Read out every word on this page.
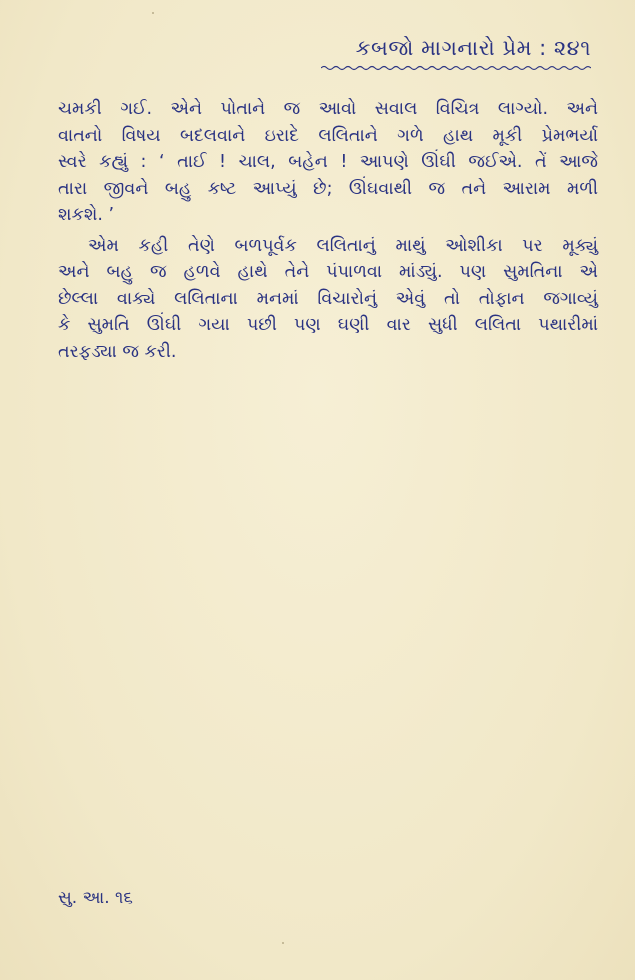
કબજો માગનારો પ્રેમ : ૨૪૧
ચમકી ગઈ. એને પોતાને જ આવો સવાલ વિચિત્ર લાગ્યો. અને
વાતનો વિષય બદલવાને ઇરાદે લલિતાને ગળે હાથ મૂકી પ્રેમભર્યા
સ્વરે કહ્યું : ‘ તાઈ ! ચાલ, બહેન ! આપણે ઊંઘી જઈએ. તેં આજે
તારા જીવને બહુ કષ્ટ આપ્યું છે; ઊંઘવાથી જ તને આરામ મળી
શકશે. ’
એમ કહી તેણે બળપૂર્વક લલિતાનું માથું ઓશીકા પર મૂક્યું
અને બહુ જ હળવે હાથે તેને પંપાળવા માંડ્યું. પણ સુમતિના એ
છેલ્લા વાક્યે લલિતાના મનમાં વિચારોનું એવું તો તોફાન જગાવ્યું
કે સુમતિ ઊંઘી ગયા પછી પણ ઘણી વાર સુધી લલિતા પથારીમાં
તરફડ્યા જ કરી.
સુ. આ. ૧૬
